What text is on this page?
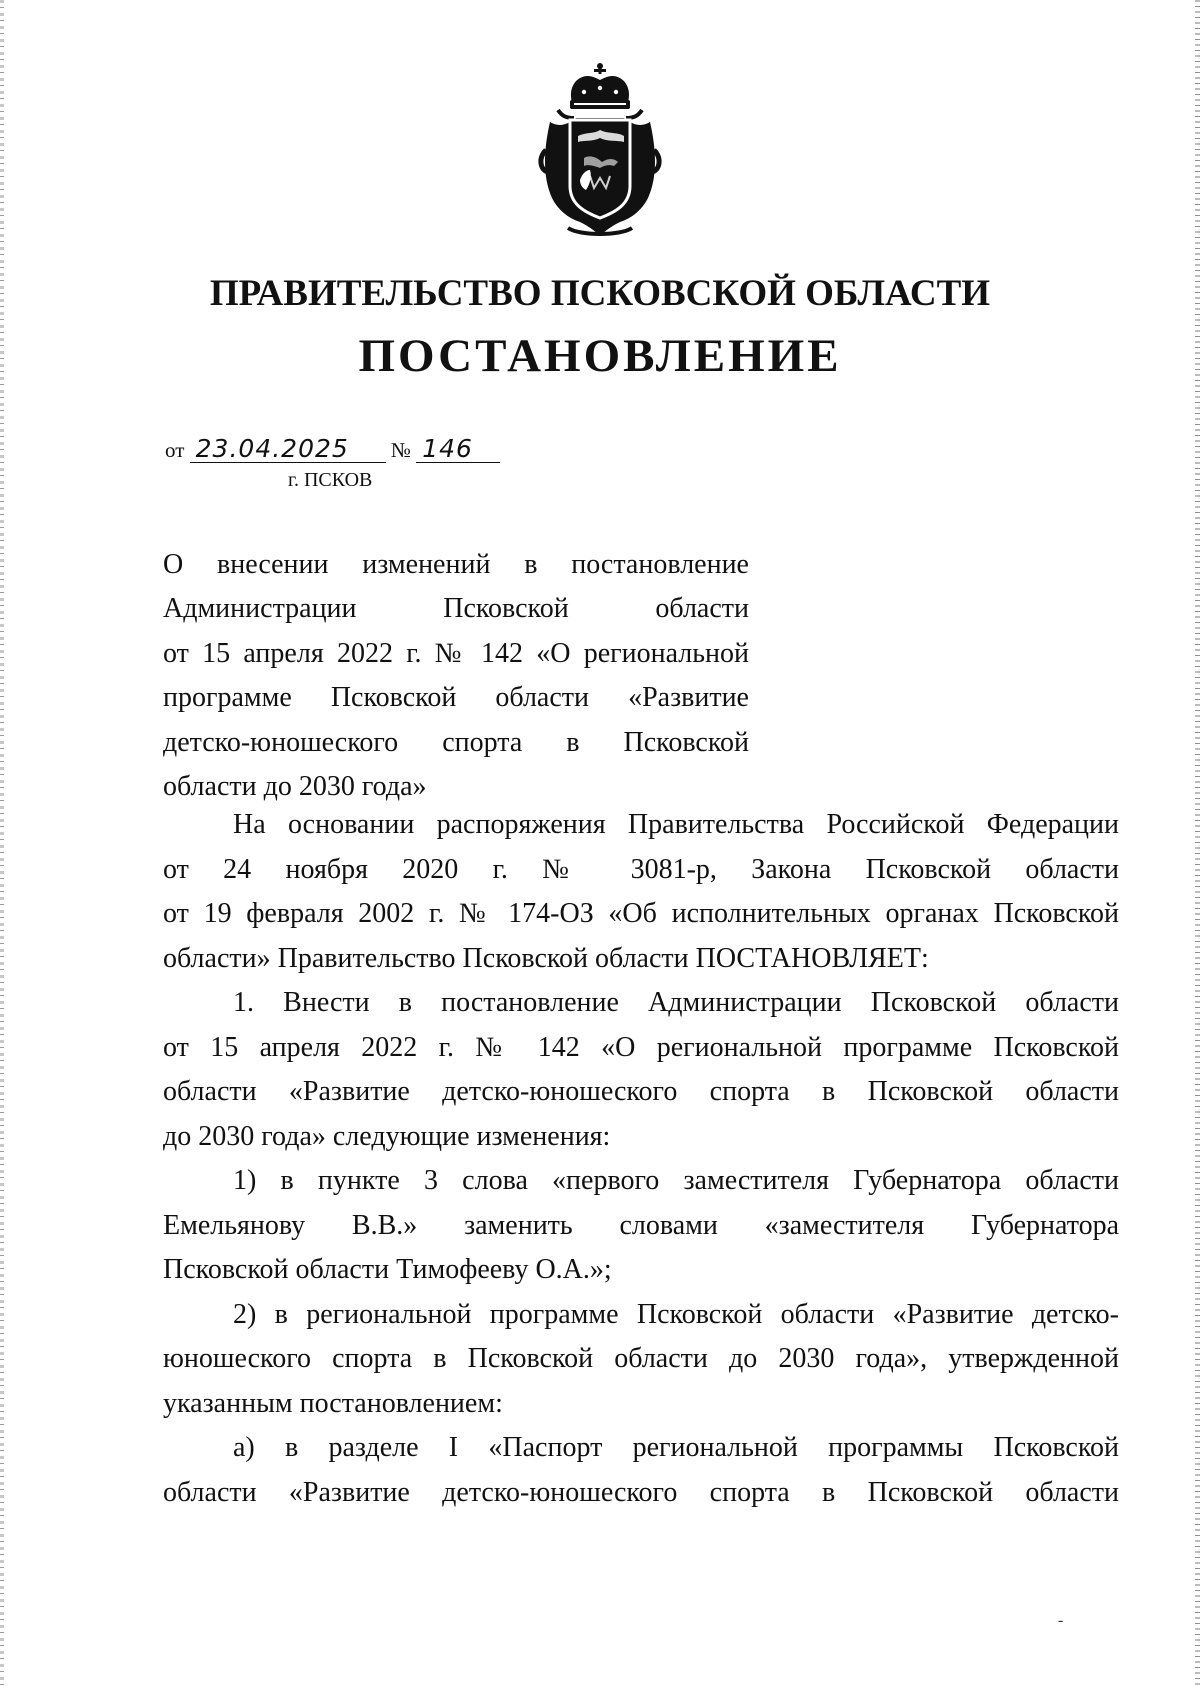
ПРАВИТЕЛЬСТВО ПСКОВСКОЙ ОБЛАСТИ
ПОСТАНОВЛЕНИЕ
от 23.04.2025 № 146
г. ПСКОВ
О внесении изменений в постановление
Администрации Псковской области
от 15 апреля 2022 г. № 142 «О региональной
программе Псковской области «Развитие
детско-юношеского спорта в Псковской
области до 2030 года»
На основании распоряжения Правительства Российской Федерации
от 24 ноября 2020 г. № 3081-р, Закона Псковской области
от 19 февраля 2002 г. № 174-ОЗ «Об исполнительных органах Псковской
области» Правительство Псковской области ПОСТАНОВЛЯЕТ:
1. Внести в постановление Администрации Псковской области
от 15 апреля 2022 г. № 142 «О региональной программе Псковской
области «Развитие детско-юношеского спорта в Псковской области
до 2030 года» следующие изменения:
1) в пункте 3 слова «первого заместителя Губернатора области
Емельянову В.В.» заменить словами «заместителя Губернатора
Псковской области Тимофееву О.А.»;
2) в региональной программе Псковской области «Развитие детско-
юношеского спорта в Псковской области до 2030 года», утвержденной
указанным постановлением:
а) в разделе I «Паспорт региональной программы Псковской
области «Развитие детско-юношеского спорта в Псковской области
-
